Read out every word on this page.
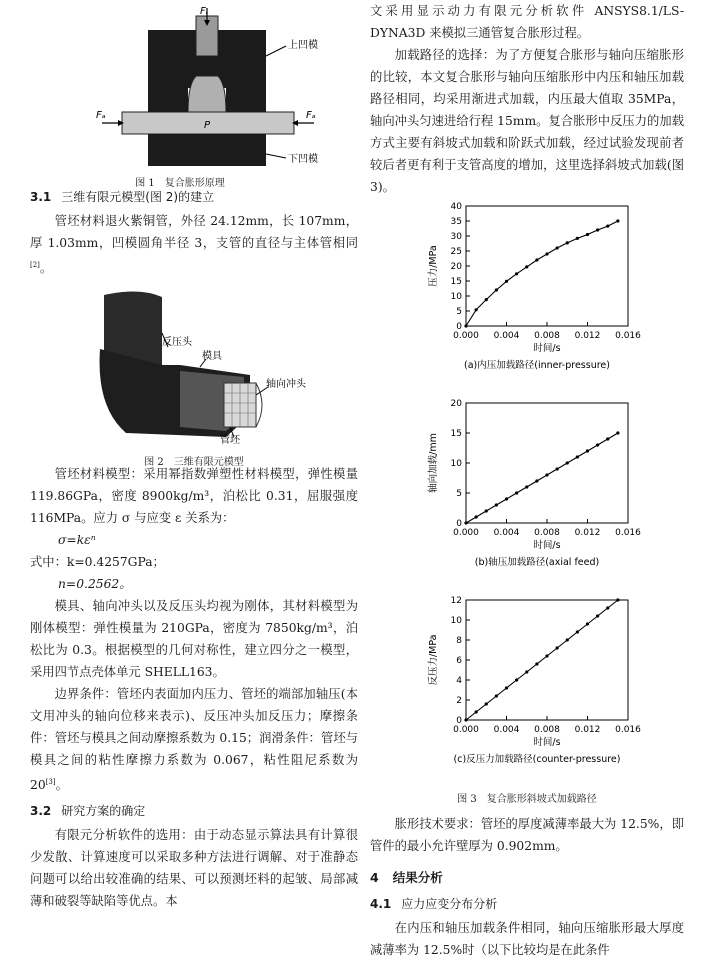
Fᵢ
上凹模
下凹模
Fₐ	Fₐ
P
图 1　复合胀形原理
3.1 三维有限元模型(图 2)的建立

管坯材料退火紫铜管，外径 24.12mm，长 107mm，厚 1.03mm，凹模圆角半径 3，支管的直径与主体管相同[2]。

反压头
模具
轴向冲头
管坯
图 2　三维有限元模型

管坯材料模型：采用幂指数弹塑性材料模型，弹性模量 119.86GPa，密度 8900kg/m³，泊松比 0.31，屈服强度 116MPa。应力 σ 与应变 ε 关系为：

σ=kεⁿ

式中：k=0.4257GPa；

n=0.2562。

模具、轴向冲头以及反压头均视为刚体，其材料模型为刚体模型：弹性模量为 210GPa，密度为 7850kg/m³，泊松比为 0.3。根据模型的几何对称性，建立四分之一模型，采用四节点壳体单元 SHELL163。

边界条件：管坯内表面加内压力、管坯的端部加轴压(本文用冲头的轴向位移来表示)、反压冲头加反压力；摩擦条件：管坯与模具之间动摩擦系数为 0.15；润滑条件：管坯与模具之间的粘性摩擦力系数为 0.067，粘性阻尼系数为 20[3]。

3.2 研究方案的确定

有限元分析软件的选用：由于动态显示算法具有计算很少发散、计算速度可以采取多种方法进行调解、对于准静态问题可以给出较准确的结果、可以预测坯料的起皱、局部减薄和破裂等缺陷等优点。本

文采用显示动力有限元分析软件 ANSYS8.1/LS-DYNA3D 来模拟三通管复合胀形过程。

加载路径的选择：为了方便复合胀形与轴向压缩胀形的比较，本文复合胀形与轴向压缩胀形中内压和轴压加载路径相同，均采用渐进式加载，内压最大值取 35MPa，轴向冲头匀速进给行程 15mm。复合胀形中反压力的加载方式主要有斜坡式加载和阶跃式加载，经过试验发现前者较后者更有利于支管高度的增加，这里选择斜坡式加载(图 3)。

0.000 0.004 0.008 0.012 0.016
0
5
10
15
20
25
30
35
40
时间/s
压力/MPa
(a)内压加载路径(inner-pressure)
0.000 0.004 0.008 0.012 0.016
0
5
10
15
20
时间/s
轴向加载/mm
(b)轴压加载路径(axial feed)
0.000 0.004 0.008 0.012 0.016
0
2
4
6
8
10
12
时间/s
反压力/MPa
(c)反压力加载路径(counter-pressure)
图 3　复合胀形斜坡式加载路径

胀形技术要求：管坯的厚度减薄率最大为 12.5%，即管件的最小允许壁厚为 0.902mm。

4 结果分析
4.1 应力应变分布分析

在内压和轴压加载条件相同，轴向压缩胀形最大厚度减薄率为 12.5%时（以下比较均是在此条件
